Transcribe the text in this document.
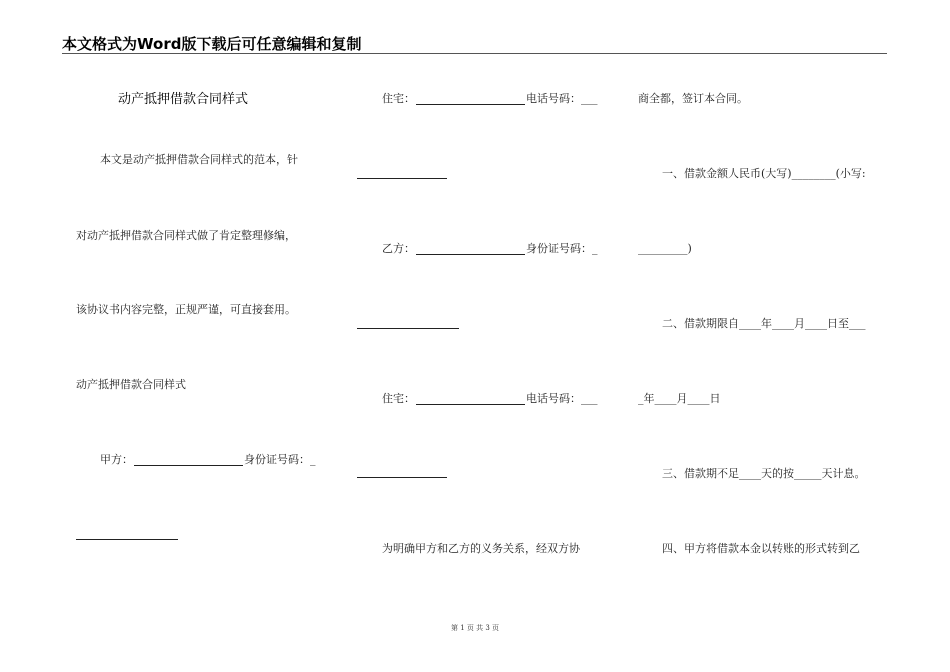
本文格式为Word版下载后可任意编辑和复制
动产抵押借款合同样式
本文是动产抵押借款合同样式的范本，针
对动产抵押借款合同样式做了肯定整理修编，
该协议书内容完整，正规严谨，可直接套用。
动产抵押借款合同样式
甲方：	身份证号码：_
住宅：	电话号码：___
乙方：	身份证号码：_
住宅：	电话号码：___
为明确甲方和乙方的义务关系，经双方协
商全都，签订本合同。
一、借款金额人民币(大写)________(小写:
_________)
二、借款期限自____年____月____日至___
_年____月____日
三、借款期不足____天的按_____天计息。
四、甲方将借款本金以转账的形式转到乙
第 1 页 共 3 页
